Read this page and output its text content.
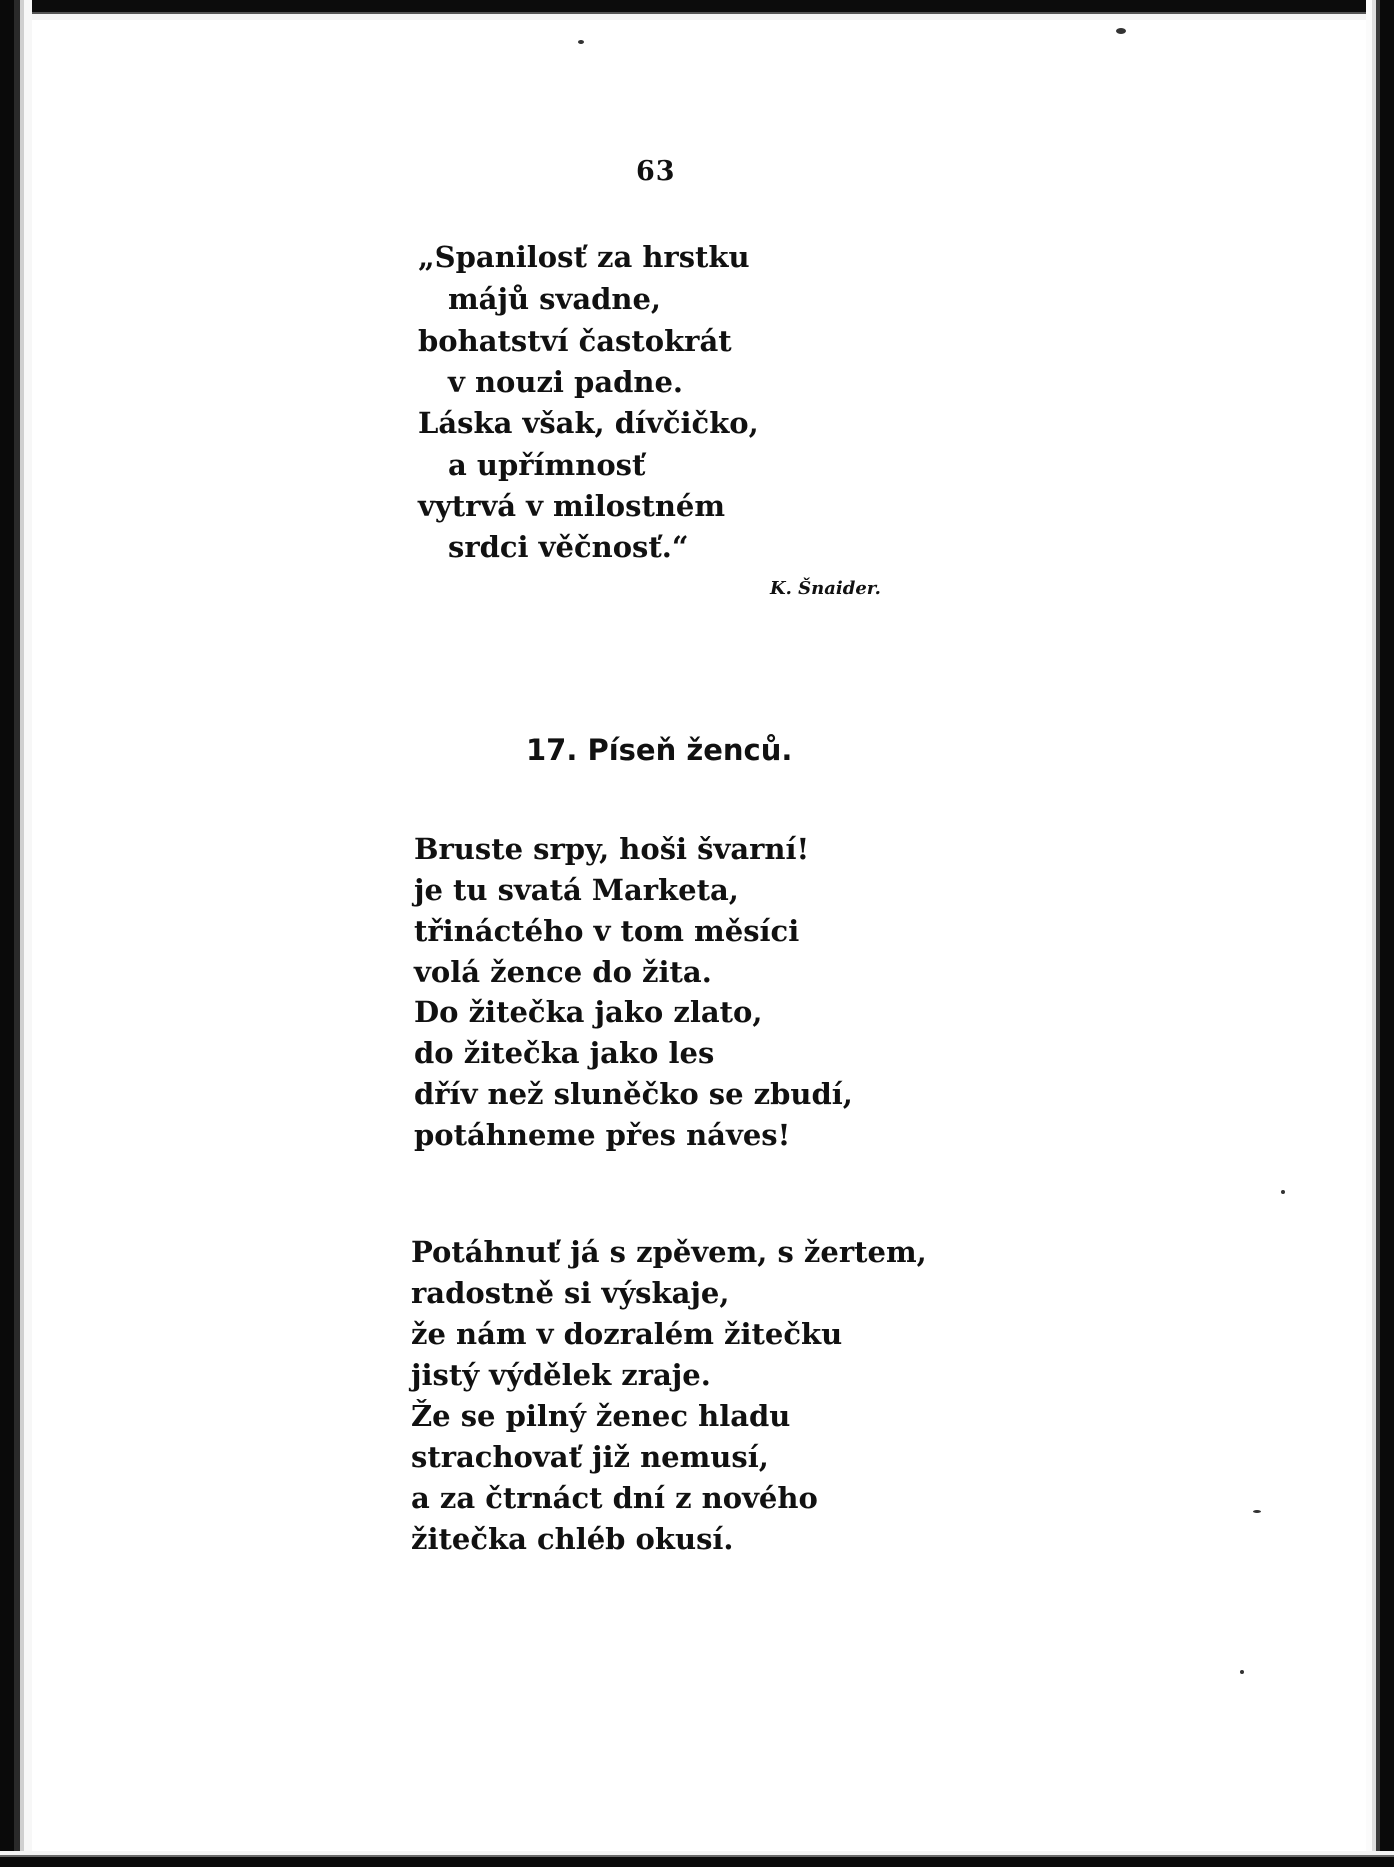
63
„Spanilosť za hrstku
májů svadne,
bohatství častokrát
v nouzi padne.
Láska však, dívčičko,
a upřímnosť
vytrvá v milostném
srdci věčnosť.“
K. Šnaider.
17. Píseň ženců.
Bruste srpy, hoši švarní!
je tu svatá Marketa,
třináctého v tom měsíci
volá žence do žita.
Do žitečka jako zlato,
do žitečka jako les
dřív než sluněčko se zbudí,
potáhneme přes náves!
Potáhnuť já s zpěvem, s žertem,
radostně si výskaje,
že nám v dozralém žitečku
jistý výdělek zraje.
Že se pilný ženec hladu
strachovať již nemusí,
a za čtrnáct dní z nového
žitečka chléb okusí.
